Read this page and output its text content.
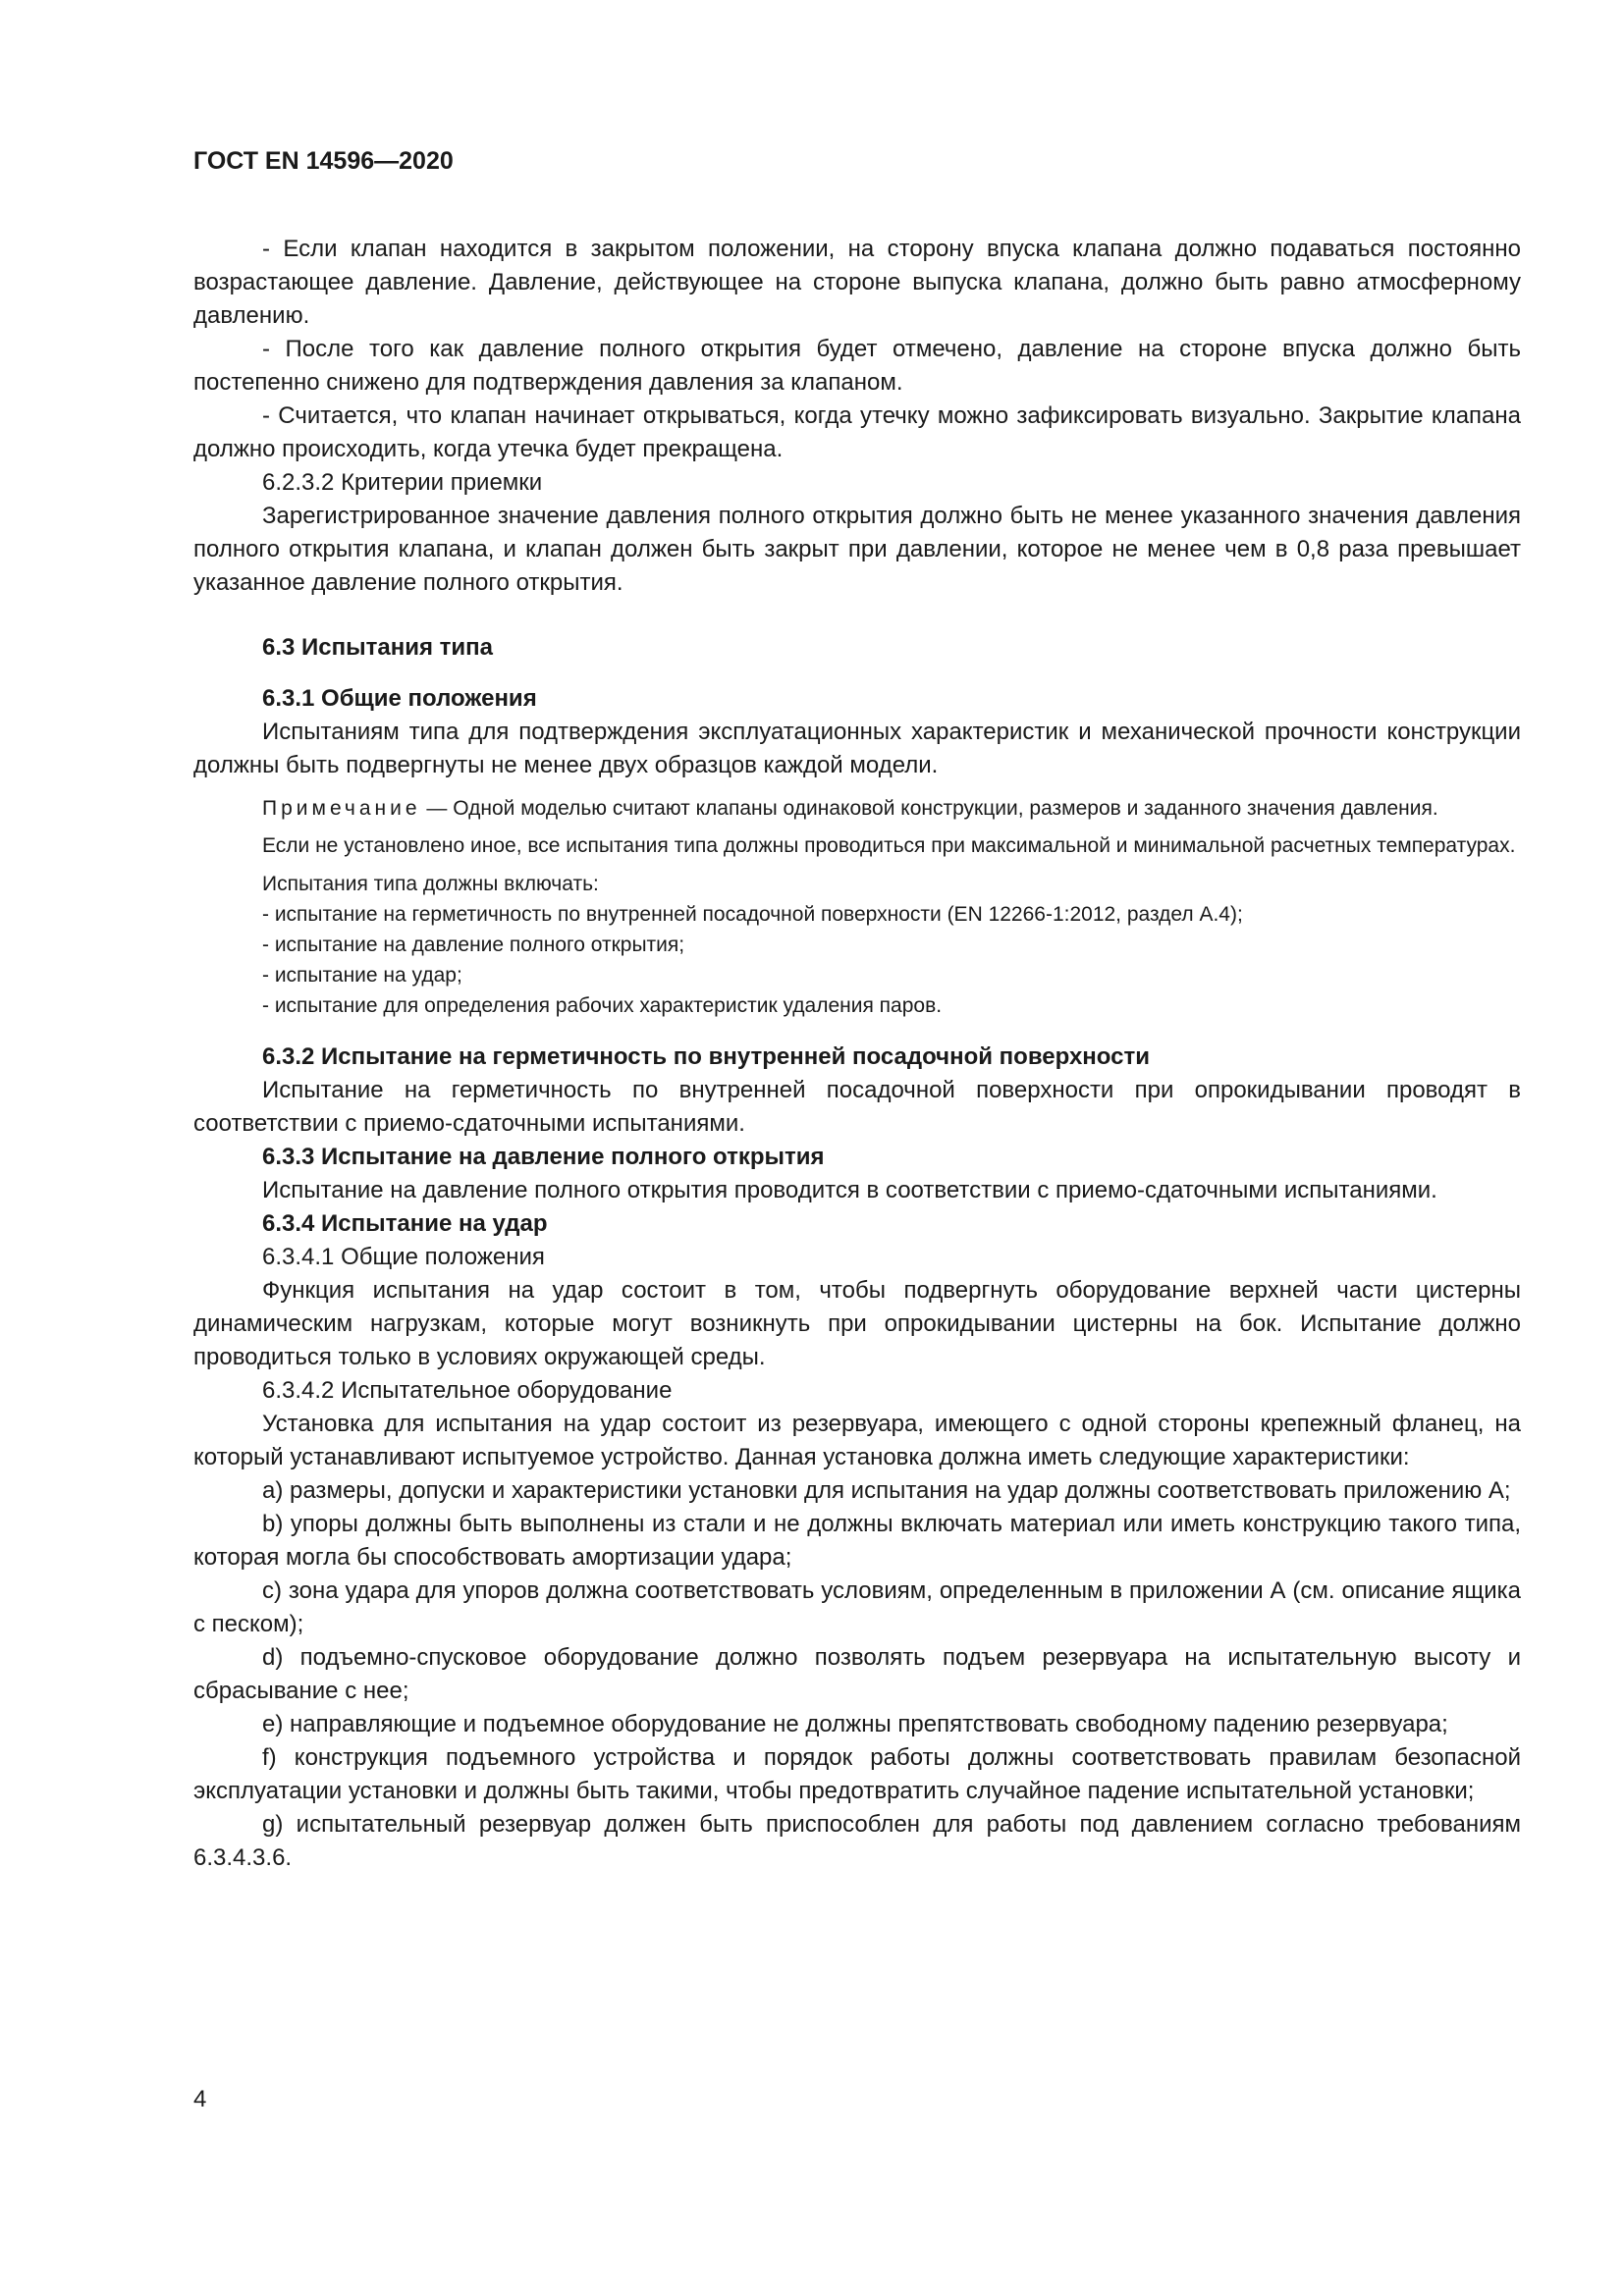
ГОСТ EN 14596—2020

- Если клапан находится в закрытом положении, на сторону впуска клапана должно подаваться постоянно возрастающее давление. Давление, действующее на стороне выпуска клапана, должно быть равно атмосферному давлению.

- После того как давление полного открытия будет отмечено, давление на стороне впуска должно быть постепенно снижено для подтверждения давления за клапаном.

- Считается, что клапан начинает открываться, когда утечку можно зафиксировать визуально. Закрытие клапана должно происходить, когда утечка будет прекращена.

6.2.3.2 Критерии приемки

Зарегистрированное значение давления полного открытия должно быть не менее указанного значения давления полного открытия клапана, и клапан должен быть закрыт при давлении, которое не менее чем в 0,8 раза превышает указанное давление полного открытия.

6.3 Испытания типа
6.3.1 Общие положения

Испытаниям типа для подтверждения эксплуатационных характеристик и механической прочности конструкции должны быть подвергнуты не менее двух образцов каждой модели.

Примечание — Одной моделью считают клапаны одинаковой конструкции, размеров и заданного значения давления.

Если не установлено иное, все испытания типа должны проводиться при максимальной и минимальной расчетных температурах.

Испытания типа должны включать:
- испытание на герметичность по внутренней посадочной поверхности (EN 12266-1:2012, раздел А.4);
- испытание на давление полного открытия;
- испытание на удар;
- испытание для определения рабочих характеристик удаления паров.
6.3.2 Испытание на герметичность по внутренней посадочной поверхности

Испытание на герметичность по внутренней посадочной поверхности при опрокидывании проводят в соответствии с приемо-сдаточными испытаниями.

6.3.3 Испытание на давление полного открытия

Испытание на давление полного открытия проводится в соответствии с приемо-сдаточными испытаниями.

6.3.4 Испытание на удар

6.3.4.1 Общие положения

Функция испытания на удар состоит в том, чтобы подвергнуть оборудование верхней части цистерны динамическим нагрузкам, которые могут возникнуть при опрокидывании цистерны на бок. Испытание должно проводиться только в условиях окружающей среды.

6.3.4.2 Испытательное оборудование

Установка для испытания на удар состоит из резервуара, имеющего с одной стороны крепежный фланец, на который устанавливают испытуемое устройство. Данная установка должна иметь следующие характеристики:

a) размеры, допуски и характеристики установки для испытания на удар должны соответствовать приложению А;

b) упоры должны быть выполнены из стали и не должны включать материал или иметь конструкцию такого типа, которая могла бы способствовать амортизации удара;

c) зона удара для упоров должна соответствовать условиям, определенным в приложении А (см. описание ящика с песком);

d) подъемно-спусковое оборудование должно позволять подъем резервуара на испытательную высоту и сбрасывание с нее;

e) направляющие и подъемное оборудование не должны препятствовать свободному падению резервуара;

f) конструкция подъемного устройства и порядок работы должны соответствовать правилам безопасной эксплуатации установки и должны быть такими, чтобы предотвратить случайное падение испытательной установки;

g) испытательный резервуар должен быть приспособлен для работы под давлением согласно требованиям 6.3.4.3.6.

4
